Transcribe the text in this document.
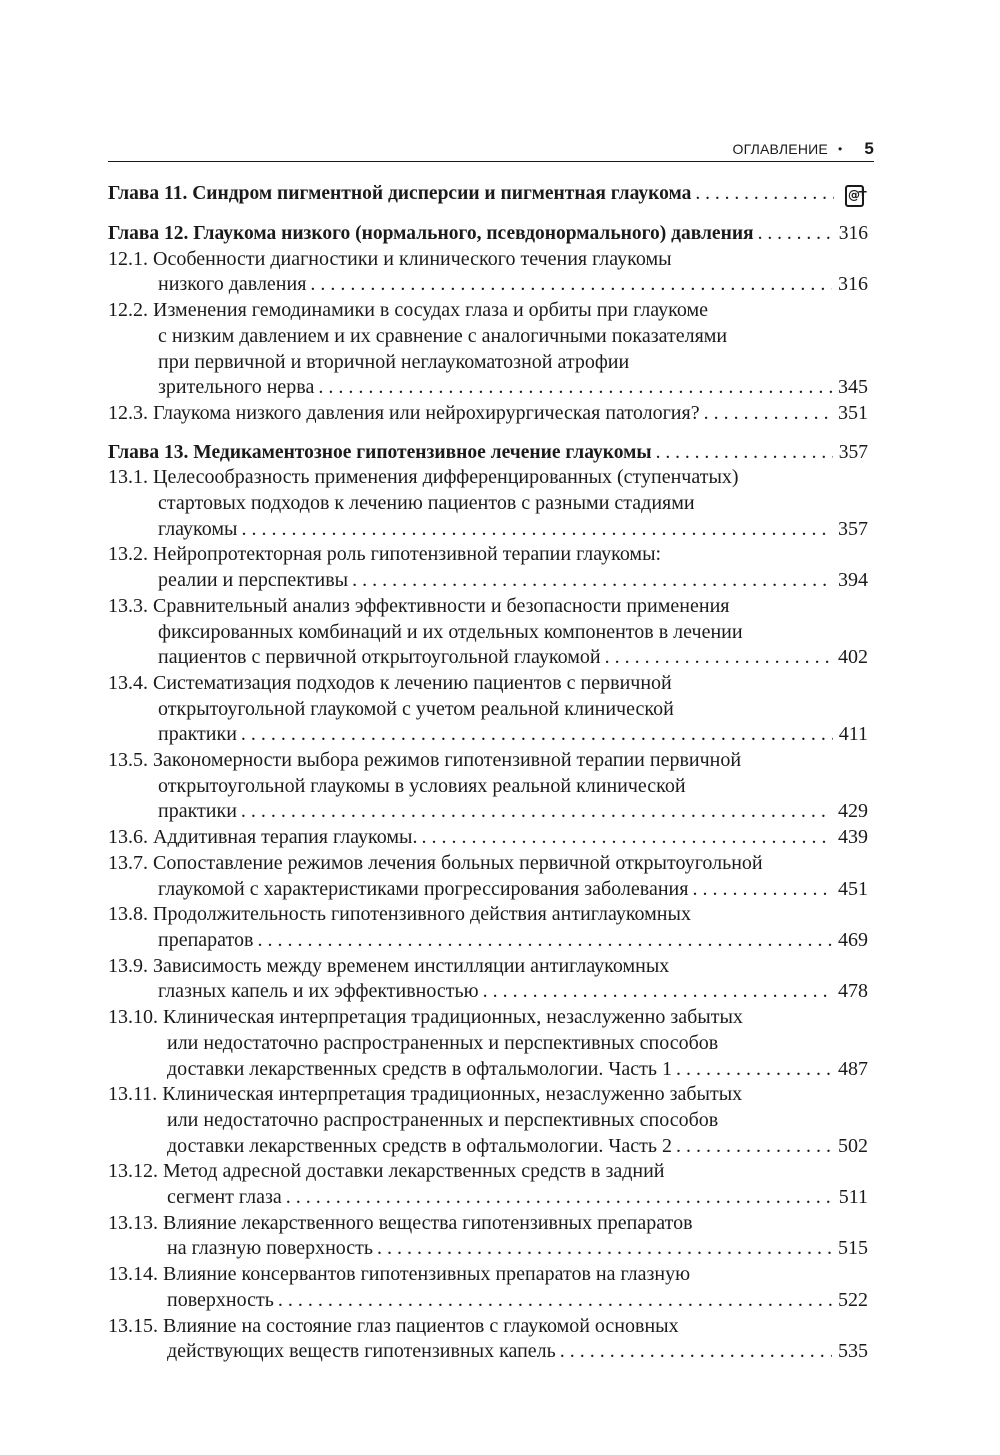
ОГЛАВЛЕНИЕ • 5
Глава 11. Синдром пигментной дисперсии и пигментная глаукома . . .	@
+
Глава 12. Глаукома низкого (нормального, псевдонормального) давления . . .	316
12.1. Особенности диагностики и клинического течения глаукомы
низкого давления . . .	316
12.2. Изменения гемодинамики в сосудах глаза и орбиты при глаукоме
с низким давлением и их сравнение с аналогичными показателями
при первичной и вторичной неглаукоматозной атрофии
зрительного нерва . . .	345
12.3. Глаукома низкого давления или нейрохирургическая патология? . . .	351
Глава 13. Медикаментозное гипотензивное лечение глаукомы . . .	357
13.1. Целесообразность применения дифференцированных (ступенчатых)
стартовых подходов к лечению пациентов с разными стадиями
глаукомы . . .	357
13.2. Нейропротекторная роль гипотензивной терапии глаукомы:
реалии и перспективы . . .	394
13.3. Сравнительный анализ эффективности и безопасности применения
фиксированных комбинаций и их отдельных компонентов в лечении
пациентов с первичной открытоугольной глаукомой . . .	402
13.4. Систематизация подходов к лечению пациентов с первичной
открытоугольной глаукомой с учетом реальной клинической
практики . . .	411
13.5. Закономерности выбора режимов гипотензивной терапии первичной
открытоугольной глаукомы в условиях реальной клинической
практики . . .	429
13.6. Аддитивная терапия глаукомы. . . .	439
13.7. Сопоставление режимов лечения больных первичной открытоугольной
глаукомой с характеристиками прогрессирования заболевания . . .	451
13.8. Продолжительность гипотензивного действия антиглаукомных
препаратов . . .	469
13.9. Зависимость между временем инстилляции антиглаукомных
глазных капель и их эффективностью . . .	478
13.10. Клиническая интерпретация традиционных, незаслуженно забытых
или недостаточно распространенных и перспективных способов
доставки лекарственных средств в офтальмологии. Часть 1 . . .	487
13.11. Клиническая интерпретация традиционных, незаслуженно забытых
или недостаточно распространенных и перспективных способов
доставки лекарственных средств в офтальмологии. Часть 2 . . .	502
13.12. Метод адресной доставки лекарственных средств в задний
сегмент глаза . . .	511
13.13. Влияние лекарственного вещества гипотензивных препаратов
на глазную поверхность . . .	515
13.14. Влияние консервантов гипотензивных препаратов на глазную
поверхность . . .	522
13.15. Влияние на состояние глаз пациентов с глаукомой основных
действующих веществ гипотензивных капель . . .	535
